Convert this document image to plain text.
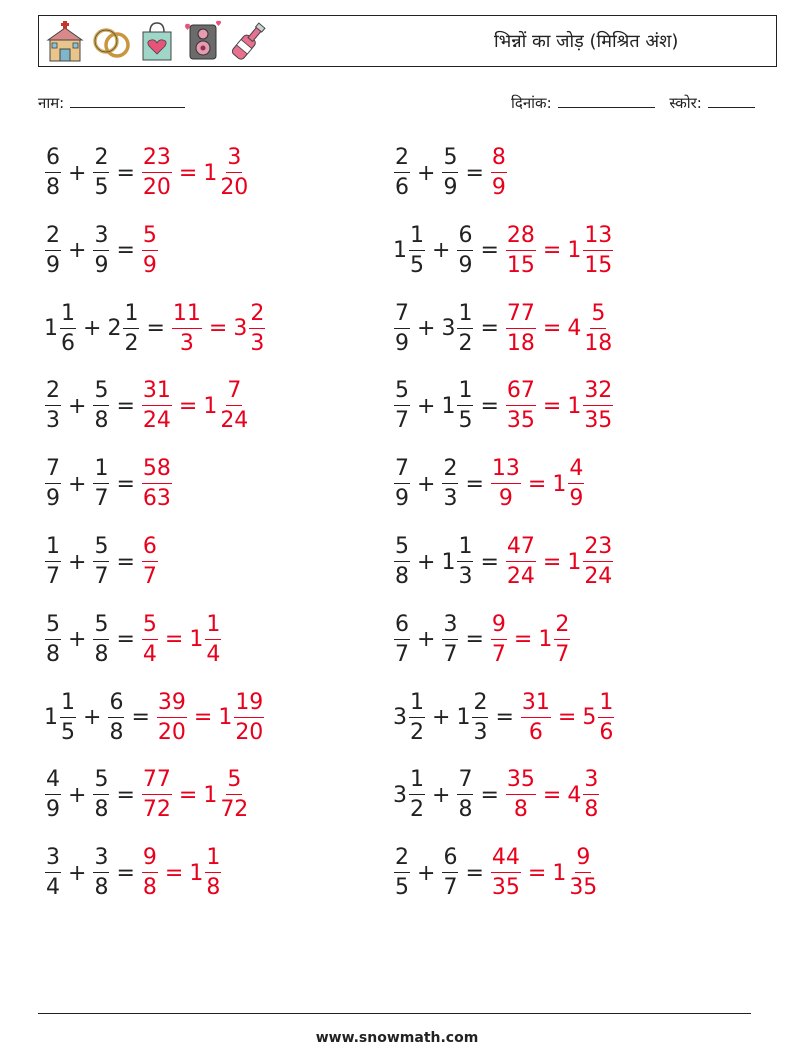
भिन्नों का जोड़ (मिश्रित अंश)
नाम:	दिनांक:	स्कोर:
$\frac{6}{8} + \frac{2}{5} = \frac{23}{20} = 1 \frac{3}{20}$	$\frac{2}{6} + \frac{5}{9} = \frac{8}{9}$
$\frac{2}{9} + \frac{3}{9} = \frac{5}{9}$	$1 \frac{1}{5} + \frac{6}{9} = \frac{28}{15} = 1 \frac{13}{15}$
$1 \frac{1}{6} + 2 \frac{1}{2} = \frac{11}{3} = 3 \frac{2}{3}$	$\frac{7}{9} + 3 \frac{1}{2} = \frac{77}{18} = 4 \frac{5}{18}$
$\frac{2}{3} + \frac{5}{8} = \frac{31}{24} = 1 \frac{7}{24}$	$\frac{5}{7} + 1 \frac{1}{5} = \frac{67}{35} = 1 \frac{32}{35}$
$\frac{7}{9} + \frac{1}{7} = \frac{58}{63}$	$\frac{7}{9} + \frac{2}{3} = \frac{13}{9} = 1 \frac{4}{9}$
$\frac{1}{7} + \frac{5}{7} = \frac{6}{7}$	$\frac{5}{8} + 1 \frac{1}{3} = \frac{47}{24} = 1 \frac{23}{24}$
$\frac{5}{8} + \frac{5}{8} = \frac{5}{4} = 1 \frac{1}{4}$	$\frac{6}{7} + \frac{3}{7} = \frac{9}{7} = 1 \frac{2}{7}$
$1 \frac{1}{5} + \frac{6}{8} = \frac{39}{20} = 1 \frac{19}{20}$	$3 \frac{1}{2} + 1 \frac{2}{3} = \frac{31}{6} = 5 \frac{1}{6}$
$\frac{4}{9} + \frac{5}{8} = \frac{77}{72} = 1 \frac{5}{72}$	$3 \frac{1}{2} + \frac{7}{8} = \frac{35}{8} = 4 \frac{3}{8}$
$\frac{3}{4} + \frac{3}{8} = \frac{9}{8} = 1 \frac{1}{8}$	$\frac{2}{5} + \frac{6}{7} = \frac{44}{35} = 1 \frac{9}{35}$
www.snowmath.com
